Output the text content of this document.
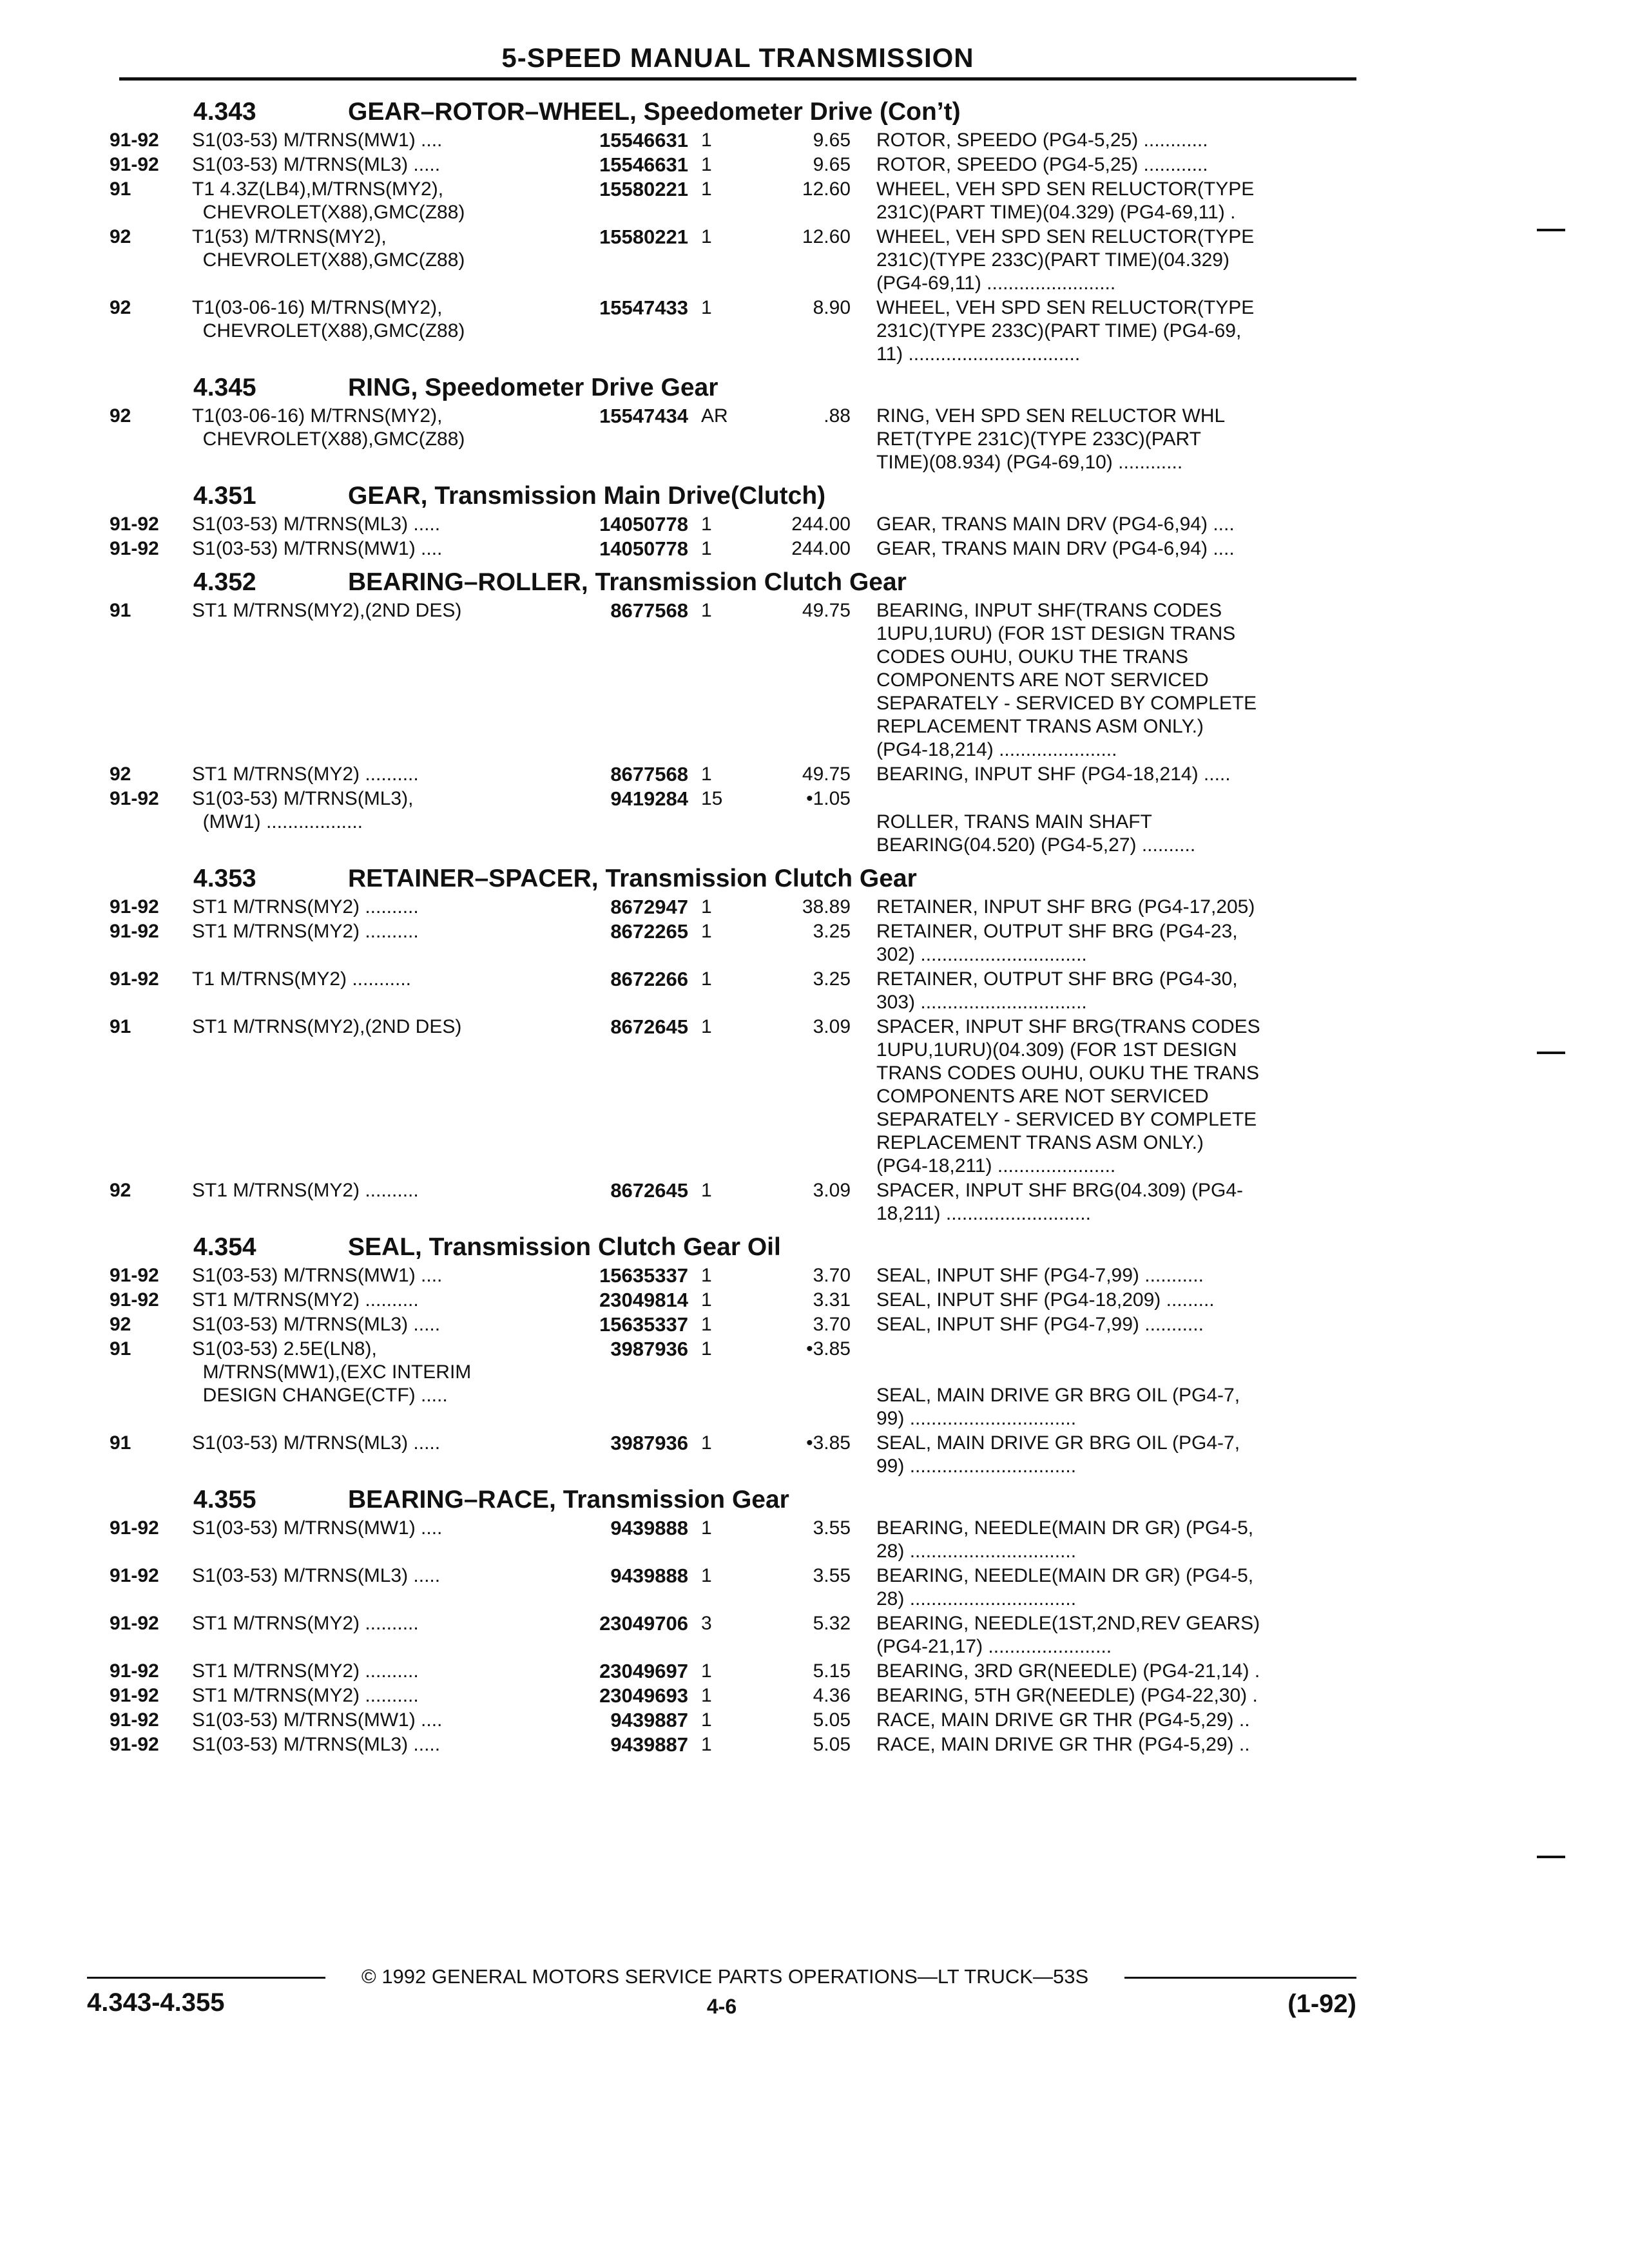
5-SPEED MANUAL TRANSMISSION
4.343	GEAR–ROTOR–WHEEL, Speedometer Drive (Con’t)
91-92 S1(03-53) M/TRNS(MW1) ....	15546631 1	9.65 ROTOR, SPEEDO (PG4-5,25) ............
91-92 S1(03-53) M/TRNS(ML3) .....	15546631 1	9.65 ROTOR, SPEEDO (PG4-5,25) ............
91	T1 4.3Z(LB4),M/TRNS(MY2),
CHEVROLET(X88),GMC(Z88)
15580221 1	12.60 WHEEL, VEH SPD SEN RELUCTOR(TYPE
231C)(PART TIME)(04.329) (PG4-69,11) .
92	T1(53) M/TRNS(MY2),
CHEVROLET(X88),GMC(Z88)
15580221 1	12.60 WHEEL, VEH SPD SEN RELUCTOR(TYPE
231C)(TYPE 233C)(PART TIME)(04.329)
(PG4-69,11) ........................
92	T1(03-06-16) M/TRNS(MY2),
CHEVROLET(X88),GMC(Z88)
15547433 1	8.90 WHEEL, VEH SPD SEN RELUCTOR(TYPE
231C)(TYPE 233C)(PART TIME) (PG4-69,
11) ................................
4.345	RING, Speedometer Drive Gear
92	T1(03-06-16) M/TRNS(MY2),
CHEVROLET(X88),GMC(Z88)
15547434 AR	.88 RING, VEH SPD SEN RELUCTOR WHL
RET(TYPE 231C)(TYPE 233C)(PART
TIME)(08.934) (PG4-69,10) ............
4.351	GEAR, Transmission Main Drive(Clutch)
91-92 S1(03-53) M/TRNS(ML3) .....	14050778 1	244.00 GEAR, TRANS MAIN DRV (PG4-6,94) ....
91-92 S1(03-53) M/TRNS(MW1) ....	14050778 1	244.00 GEAR, TRANS MAIN DRV (PG4-6,94) ....
4.352	BEARING–ROLLER, Transmission Clutch Gear
91	ST1 M/TRNS(MY2),(2ND DES)	8677568 1	49.75 BEARING, INPUT SHF(TRANS CODES
1UPU,1URU) (FOR 1ST DESIGN TRANS
CODES OUHU, OUKU THE TRANS
COMPONENTS ARE NOT SERVICED
SEPARATELY - SERVICED BY COMPLETE
REPLACEMENT TRANS ASM ONLY.)
(PG4-18,214) ......................
92	ST1 M/TRNS(MY2) ..........	8677568 1	49.75 BEARING, INPUT SHF (PG4-18,214) .....
91-92 S1(03-53) M/TRNS(ML3),
(MW1) ..................
9419284 15	•1.05

ROLLER, TRANS MAIN SHAFT
BEARING(04.520) (PG4-5,27) ..........
4.353	RETAINER–SPACER, Transmission Clutch Gear
91-92 ST1 M/TRNS(MY2) ..........	8672947 1	38.89 RETAINER, INPUT SHF BRG (PG4-17,205)
91-92 ST1 M/TRNS(MY2) ..........	8672265 1	3.25 RETAINER, OUTPUT SHF BRG (PG4-23,
302) ...............................
91-92 T1 M/TRNS(MY2) ...........	8672266 1	3.25 RETAINER, OUTPUT SHF BRG (PG4-30,
303) ...............................
91	ST1 M/TRNS(MY2),(2ND DES)	8672645 1	3.09 SPACER, INPUT SHF BRG(TRANS CODES
1UPU,1URU)(04.309) (FOR 1ST DESIGN
TRANS CODES OUHU, OUKU THE TRANS
COMPONENTS ARE NOT SERVICED
SEPARATELY - SERVICED BY COMPLETE
REPLACEMENT TRANS ASM ONLY.)
(PG4-18,211) ......................
92	ST1 M/TRNS(MY2) ..........	8672645 1	3.09 SPACER, INPUT SHF BRG(04.309) (PG4-
18,211) ...........................
4.354	SEAL, Transmission Clutch Gear Oil
91-92 S1(03-53) M/TRNS(MW1) ....	15635337 1	3.70 SEAL, INPUT SHF (PG4-7,99) ...........
91-92 ST1 M/TRNS(MY2) ..........	23049814 1	3.31 SEAL, INPUT SHF (PG4-18,209) .........
92	S1(03-53) M/TRNS(ML3) .....	15635337 1	3.70 SEAL, INPUT SHF (PG4-7,99) ...........
91	S1(03-53) 2.5E(LN8),
M/TRNS(MW1),(EXC INTERIM
DESIGN CHANGE(CTF) .....
3987936 1	•3.85

SEAL, MAIN DRIVE GR BRG OIL (PG4-7,
99) ...............................
91	S1(03-53) M/TRNS(ML3) .....	3987936 1	•3.85 SEAL, MAIN DRIVE GR BRG OIL (PG4-7,
99) ...............................
4.355	BEARING–RACE, Transmission Gear
91-92 S1(03-53) M/TRNS(MW1) ....	9439888 1	3.55 BEARING, NEEDLE(MAIN DR GR) (PG4-5,
28) ...............................
91-92 S1(03-53) M/TRNS(ML3) .....	9439888 1	3.55 BEARING, NEEDLE(MAIN DR GR) (PG4-5,
28) ...............................
91-92 ST1 M/TRNS(MY2) ..........	23049706 3	5.32 BEARING, NEEDLE(1ST,2ND,REV GEARS)
(PG4-21,17) .......................
91-92 ST1 M/TRNS(MY2) ..........	23049697 1	5.15 BEARING, 3RD GR(NEEDLE) (PG4-21,14) .
91-92 ST1 M/TRNS(MY2) ..........	23049693 1	4.36 BEARING, 5TH GR(NEEDLE) (PG4-22,30) .
91-92 S1(03-53) M/TRNS(MW1) ....	9439887 1	5.05 RACE, MAIN DRIVE GR THR (PG4-5,29) ..
91-92 S1(03-53) M/TRNS(ML3) .....	9439887 1	5.05 RACE, MAIN DRIVE GR THR (PG4-5,29) ..
© 1992 GENERAL MOTORS SERVICE PARTS OPERATIONS—LT TRUCK—53S
4.343-4.355	4-6	(1-92)
